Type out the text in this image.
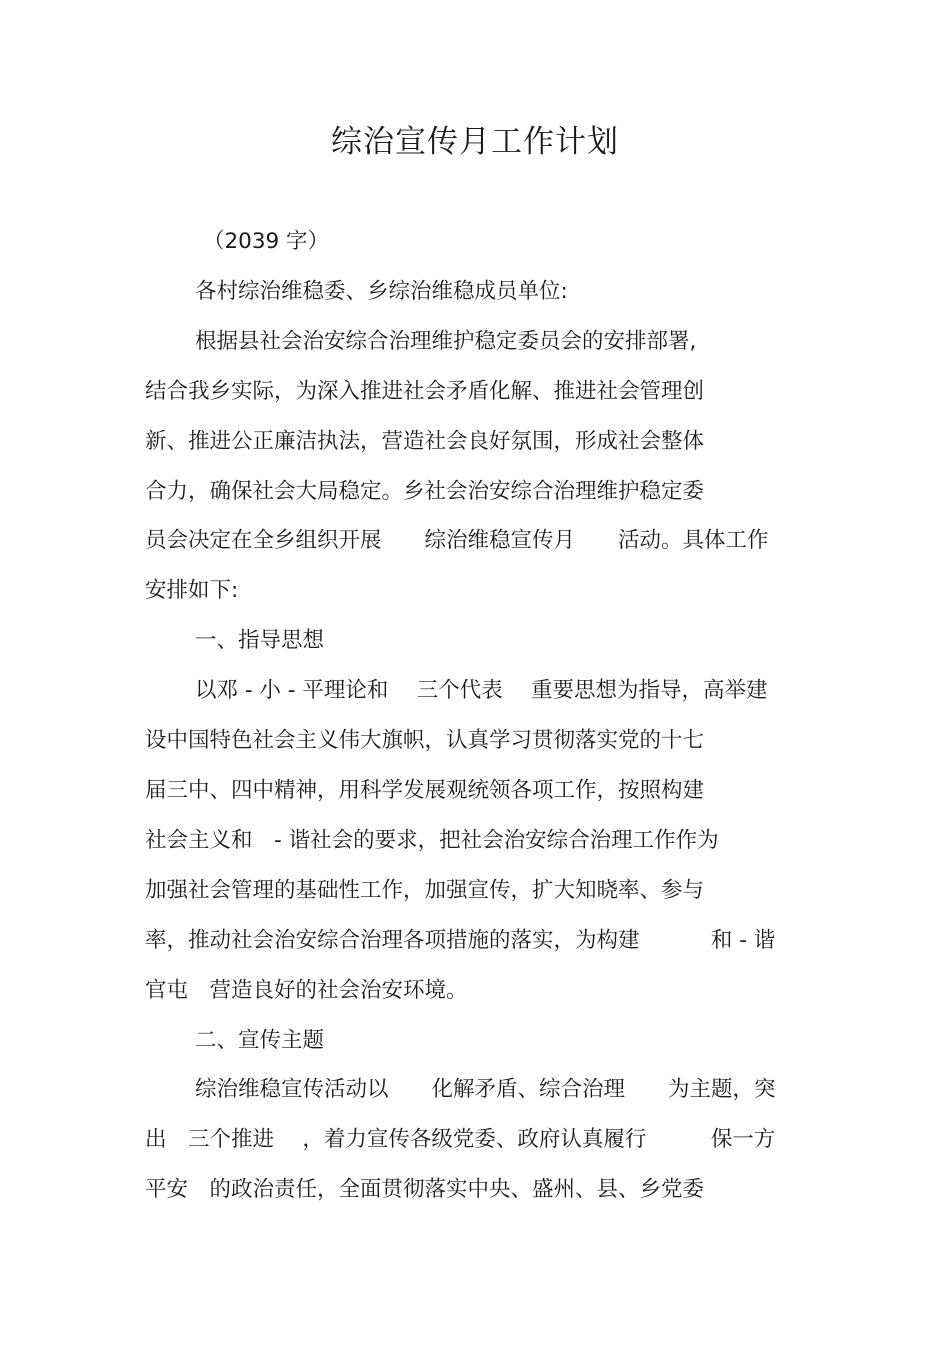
综治宣传月工作计划
（2039 字）
各村综治维稳委、乡综治维稳成员单位:
根据县社会治安综合治理维护稳定委员会的安排部署,
结合我乡实际，为深入推进社会矛盾化解、推进社会管理创
新、推进公正廉洁执法，营造社会良好氛围，形成社会整体
合力，确保社会大局稳定。乡社会治安综合治理维护稳定委
员会决定在全乡组织开展　　综治维稳宣传月　　活动。具体工作
安排如下:
一、指导思想
以邓 - 小 - 平理论和　 三个代表　 重要思想为指导，高举建
设中国特色社会主义伟大旗帜，认真学习贯彻落实党的十七
届三中、四中精神，用科学发展观统领各项工作，按照构建
社会主义和　- 谐社会的要求，把社会治安综合治理工作作为
加强社会管理的基础性工作，加强宣传，扩大知晓率、参与
率，推动社会治安综合治理各项措施的落实，为构建　　　 和 - 谐
官屯　营造良好的社会治安环境。
二、宣传主题
综治维稳宣传活动以　　化解矛盾、综合治理　　为主题，突
出　三个推进　 ，着力宣传各级党委、政府认真履行　　　保一方
平安　的政治责任，全面贯彻落实中央、盛州、县、乡党委
